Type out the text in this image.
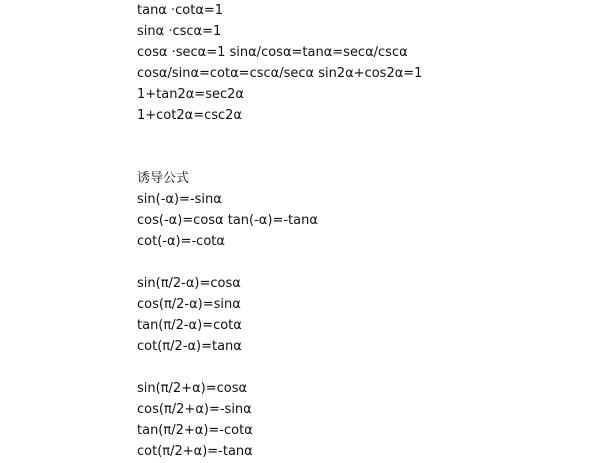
tanα ·cotα=1
sinα ·cscα=1
cosα ·secα=1 sinα/cosα=tanα=secα/cscα
cosα/sinα=cotα=cscα/secα sin2α+cos2α=1
1+tan2α=sec2α
1+cot2α=csc2α
诱导公式
sin(-α)=-sinα
cos(-α)=cosα tan(-α)=-tanα
cot(-α)=-cotα
sin(π/2-α)=cosα
cos(π/2-α)=sinα
tan(π/2-α)=cotα
cot(π/2-α)=tanα
sin(π/2+α)=cosα
cos(π/2+α)=-sinα
tan(π/2+α)=-cotα
cot(π/2+α)=-tanα
